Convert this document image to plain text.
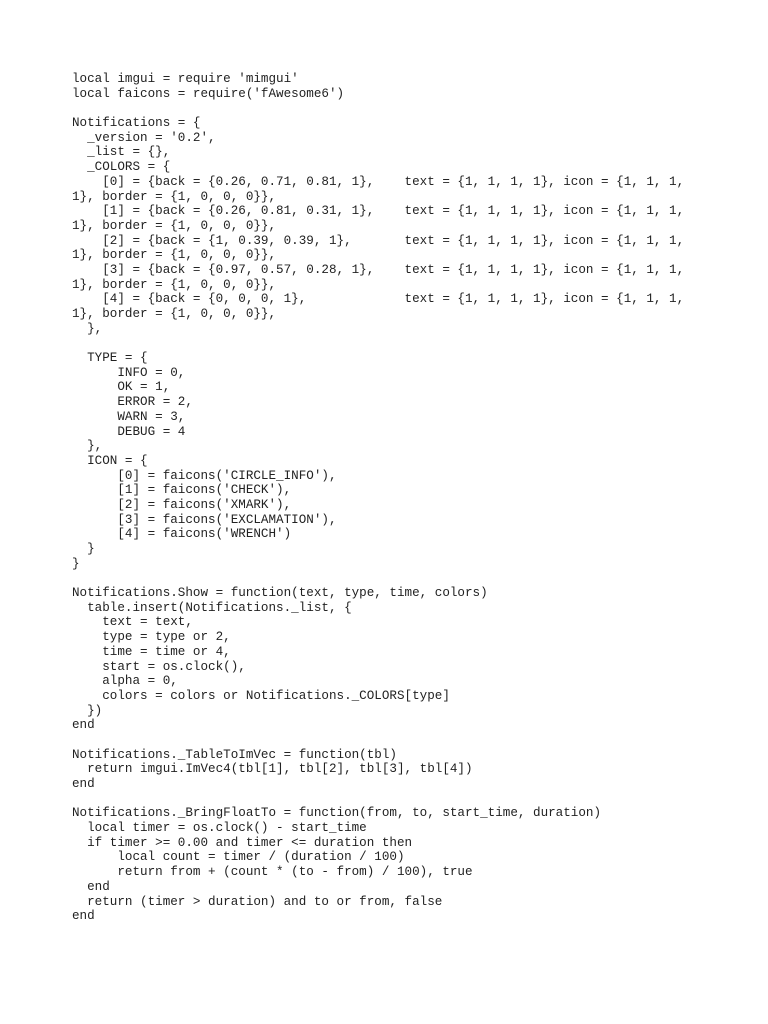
local imgui = require 'mimgui'
local faicons = require('fAwesome6')
Notifications = {
_version = '0.2',
_list = {},
_COLORS = {
[0] = {back = {0.26, 0.71, 0.81, 1},    text = {1, 1, 1, 1}, icon = {1, 1, 1,
1}, border = {1, 0, 0, 0}},
[1] = {back = {0.26, 0.81, 0.31, 1},    text = {1, 1, 1, 1}, icon = {1, 1, 1,
1}, border = {1, 0, 0, 0}},
[2] = {back = {1, 0.39, 0.39, 1},       text = {1, 1, 1, 1}, icon = {1, 1, 1,
1}, border = {1, 0, 0, 0}},
[3] = {back = {0.97, 0.57, 0.28, 1},    text = {1, 1, 1, 1}, icon = {1, 1, 1,
1}, border = {1, 0, 0, 0}},
[4] = {back = {0, 0, 0, 1},             text = {1, 1, 1, 1}, icon = {1, 1, 1,
1}, border = {1, 0, 0, 0}},
},
TYPE = {
INFO = 0,
OK = 1,
ERROR = 2,
WARN = 3,
DEBUG = 4
},
ICON = {
[0] = faicons('CIRCLE_INFO'),
[1] = faicons('CHECK'),
[2] = faicons('XMARK'),
[3] = faicons('EXCLAMATION'),
[4] = faicons('WRENCH')
}
}
Notifications.Show = function(text, type, time, colors)
table.insert(Notifications._list, {
text = text,
type = type or 2,
time = time or 4,
start = os.clock(),
alpha = 0,
colors = colors or Notifications._COLORS[type]
})
end
Notifications._TableToImVec = function(tbl)
return imgui.ImVec4(tbl[1], tbl[2], tbl[3], tbl[4])
end
Notifications._BringFloatTo = function(from, to, start_time, duration)
local timer = os.clock() - start_time
if timer >= 0.00 and timer <= duration then
local count = timer / (duration / 100)
return from + (count * (to - from) / 100), true
end
return (timer > duration) and to or from, false
end
